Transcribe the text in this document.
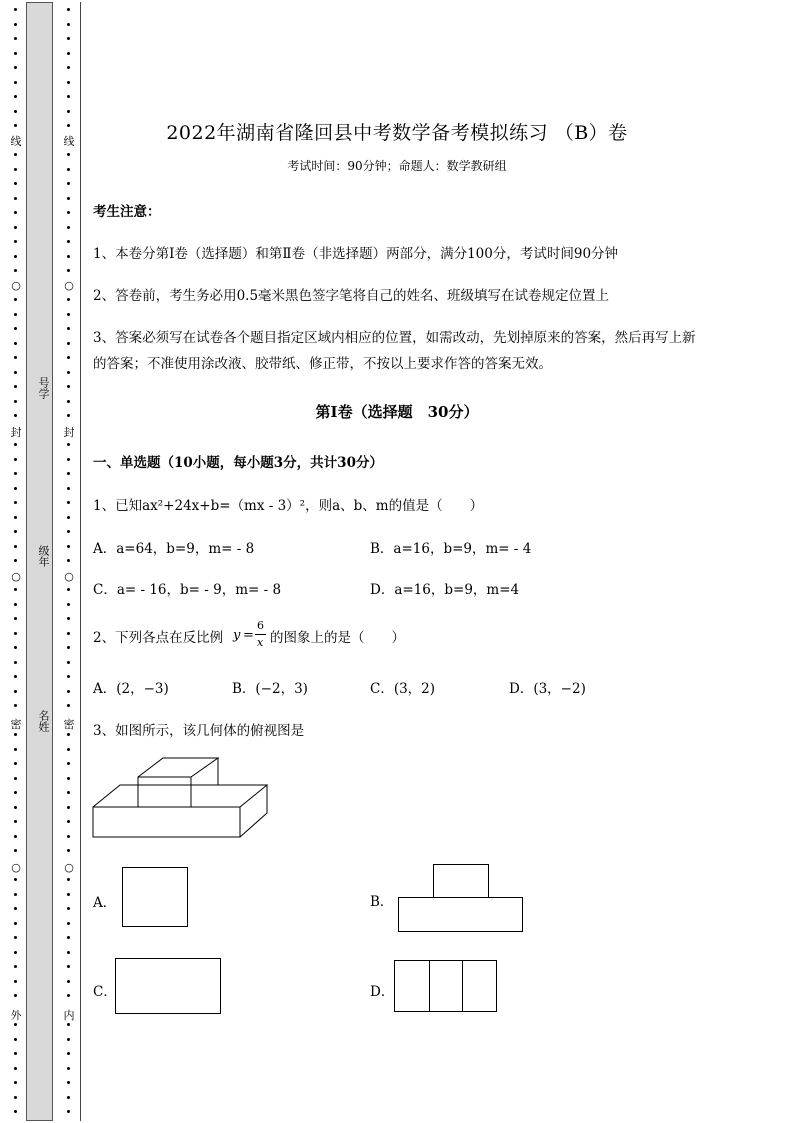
线
○
封
○
密
○
外
线
○
封
○
密
○
内
号学
级年
名姓
2022年湖南省隆回县中考数学备考模拟练习 （B）卷
考试时间：90分钟；命题人：数学教研组
考生注意：
1、本卷分第I卷（选择题）和第Ⅱ卷（非选择题）两部分，满分100分，考试时间90分钟
2、答卷前，考生务必用0.5毫米黑色签字笔将自己的姓名、班级填写在试卷规定位置上
3、答案必须写在试卷各个题目指定区域内相应的位置，如需改动，先划掉原来的答案，然后再写上新
的答案；不准使用涂改液、胶带纸、修正带，不按以上要求作答的答案无效。
第I卷（选择题　30分）
一、单选题（10小题，每小题3分，共计30分）
1、已知ax²+24x+b=（mx - 3）²，则a、b、m的值是（　　）
A．a=64，b=9，m= - 8	B．a=16，b=9，m= - 4
C．a= - 16，b= - 9，m= - 8	D．a=16，b=9，m=4
2、下列各点在反比例 y =
6
x 的图象上的是（　　）
A．(2，−3)	B．(−2，3)	C．(3，2)	D．(3，−2)
3、如图所示，该几何体的俯视图是
A．	B．
C．	D．
